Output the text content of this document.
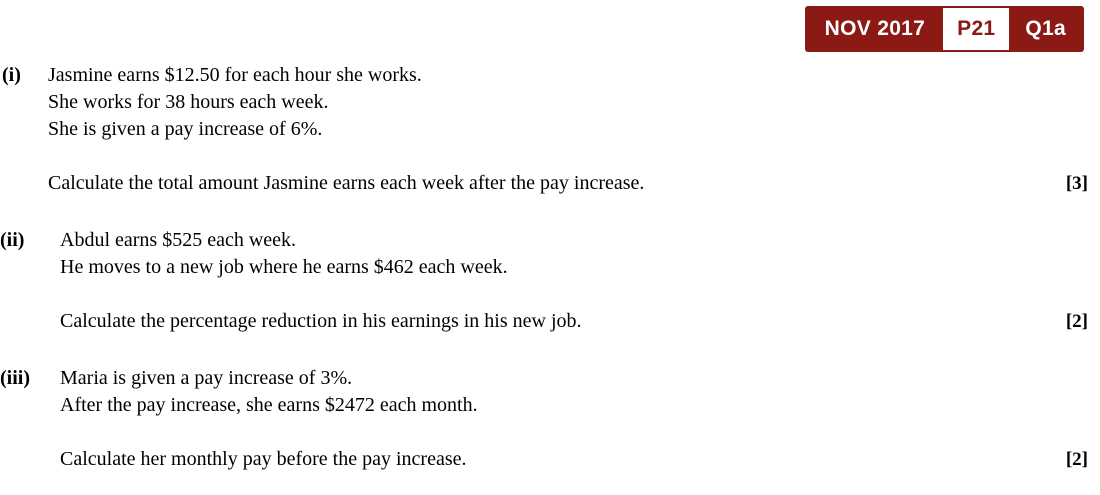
NOV 2017	P21	Q1a
(i)	Jasmine earns $12.50 for each hour she works.
She works for 38 hours each week.
She is given a pay increase of 6%.
Calculate the total amount Jasmine earns each week after the pay increase.	[3]
(ii)	Abdul earns $525 each week.
He moves to a new job where he earns $462 each week.
Calculate the percentage reduction in his earnings in his new job.	[2]
(iii)	Maria is given a pay increase of 3%.
After the pay increase, she earns $2472 each month.
Calculate her monthly pay before the pay increase.	[2]
